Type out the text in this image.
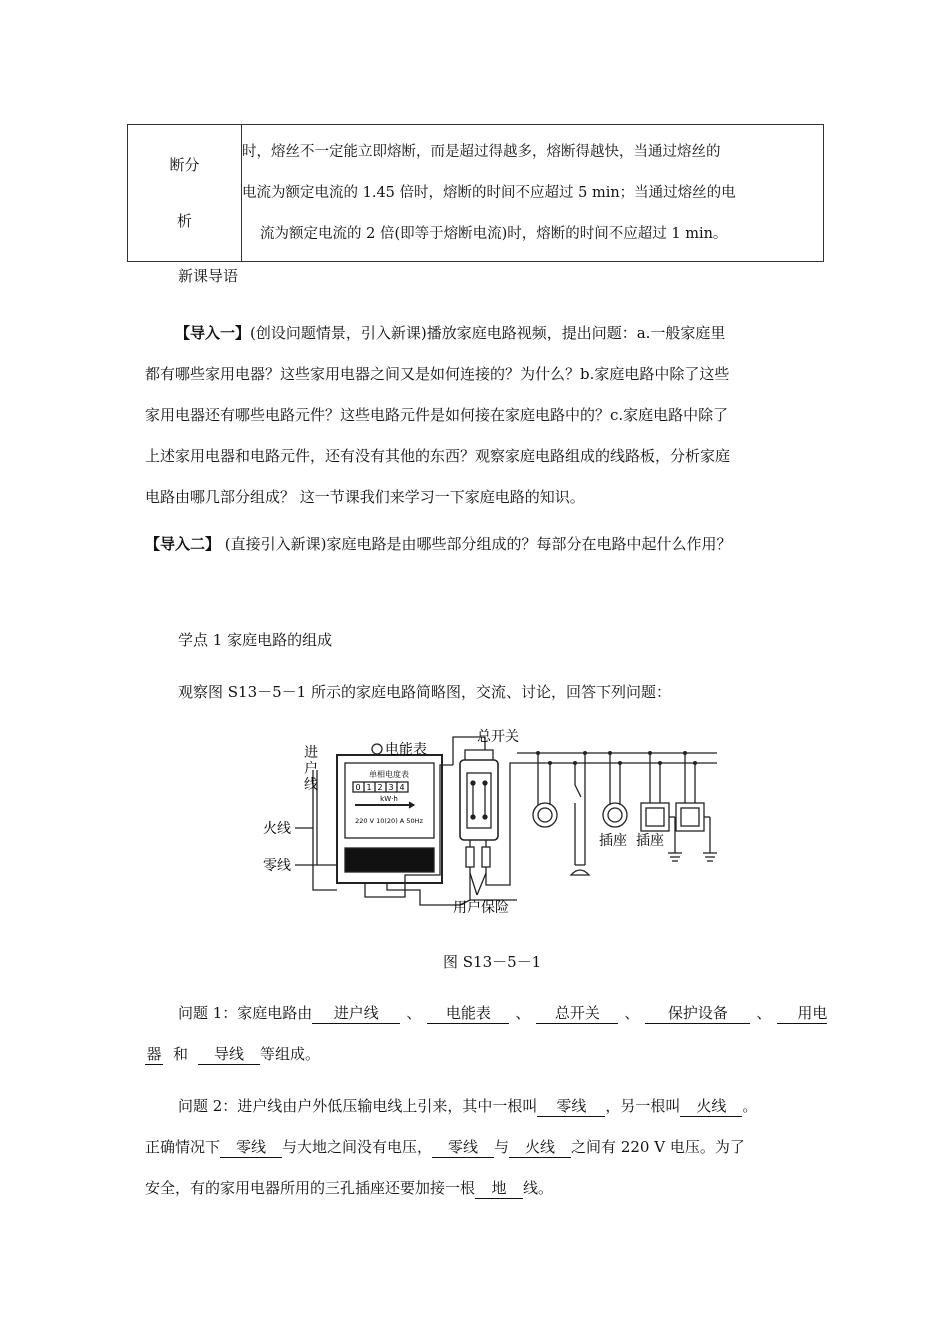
断分
析

时，熔丝不一定能立即熔断，而是超过得越多，熔断得越快，当通过熔丝的
电流为额定电流的 1.45 倍时，熔断的时间不应超过 5 min；当通过熔丝的电
流为额定电流的 2 倍(即等于熔断电流)时，熔断的时间不应超过 1 min。
新课导语
【导入一】(创设问题情景，引入新课)播放家庭电路视频，提出问题：a.一般家庭里
都有哪些家用电器？这些家用电器之间又是如何连接的？为什么？b.家庭电路中除了这些
家用电器还有哪些电路元件？这些电路元件是如何接在家庭电路中的？c.家庭电路中除了
上述家用电器和电路元件，还有没有其他的东西？观察家庭电路组成的线路板，分析家庭
电路由哪几部分组成？ 这一节课我们来学习一下家庭电路的知识。
【导入二】 (直接引入新课)家庭电路是由哪些部分组成的？每部分在电路中起什么作用？
学点 1 家庭电路的组成
观察图 S13－5－1 所示的家庭电路简略图，交流、讨论，回答下列问题：
进
户
线
电能表
总开关
火线
零线
用户保险
插座 插座
单相电度表
0 1 2 3 4
kW·h
220 V 10(20) A 50Hz
图 S13－5－1
问题 1：家庭电路由 进户线 、 电能表 、 总开关 、 保护设备 、 用电
器 和 导线 等组成。
问题 2：进户线由户外低压输电线上引来，其中一根叫 零线 ，另一根叫 火线 。
正确情况下 零线 与大地之间没有电压， 零线 与 火线 之间有 220 V 电压。为了
安全，有的家用电器所用的三孔插座还要加接一根 地 线。
